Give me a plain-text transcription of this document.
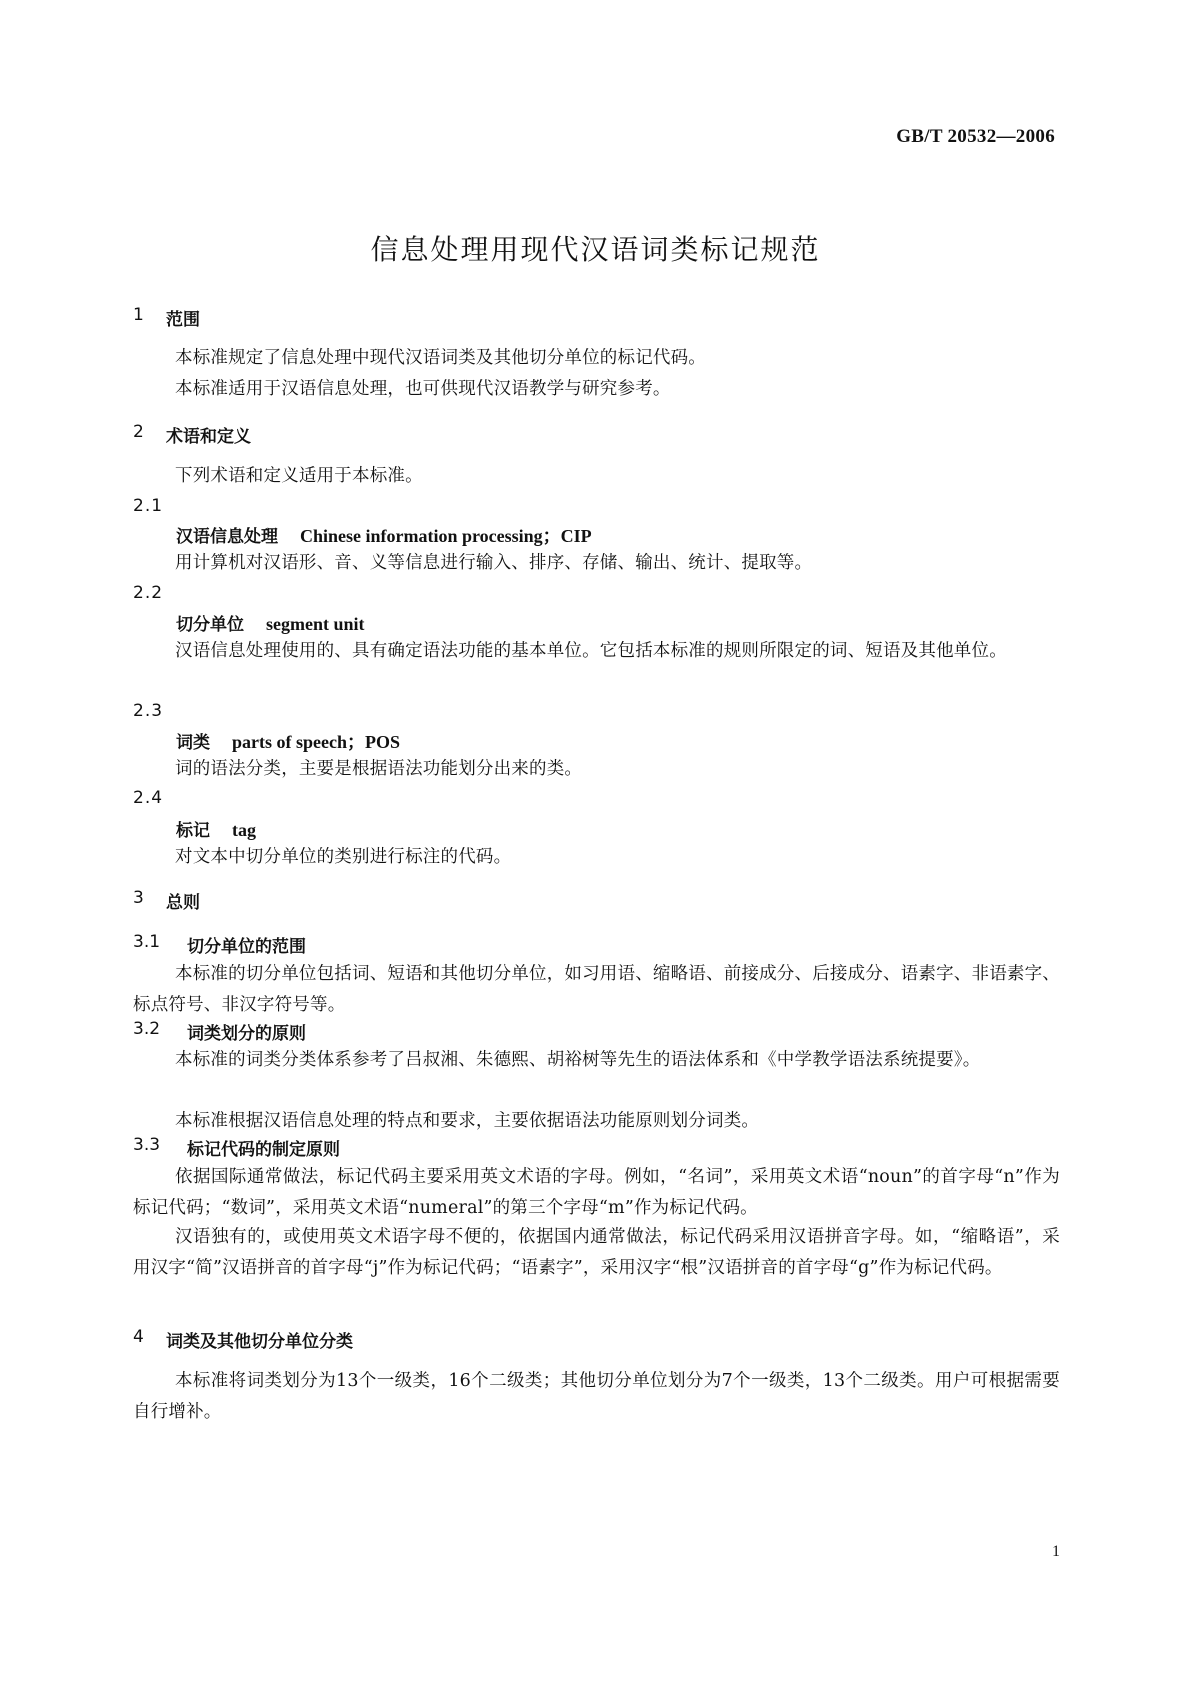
GB/T 20532—2006
信息处理用现代汉语词类标记规范
1 范围
本标准规定了信息处理中现代汉语词类及其他切分单位的标记代码。
本标准适用于汉语信息处理，也可供现代汉语教学与研究参考。
2 术语和定义
下列术语和定义适用于本标准。
2.1
汉语信息处理 Chinese information processing；CIP
用计算机对汉语形、音、义等信息进行输入、排序、存储、输出、统计、提取等。
2.2
切分单位 segment unit
汉语信息处理使用的、具有确定语法功能的基本单位。它包括本标准的规则所限定的词、短语及其他单位。
2.3
词类 parts of speech；POS
词的语法分类，主要是根据语法功能划分出来的类。
2.4
标记 tag
对文本中切分单位的类别进行标注的代码。
3 总则
3.1 切分单位的范围
本标准的切分单位包括词、短语和其他切分单位，如习用语、缩略语、前接成分、后接成分、语素字、非语素字、标点符号、非汉字符号等。
3.2 词类划分的原则
本标准的词类分类体系参考了吕叔湘、朱德熙、胡裕树等先生的语法体系和《中学教学语法系统提要》。
本标准根据汉语信息处理的特点和要求，主要依据语法功能原则划分词类。
3.3 标记代码的制定原则
依据国际通常做法，标记代码主要采用英文术语的字母。例如，“名词”，采用英文术语“noun”的首字母“n”作为标记代码；“数词”，采用英文术语“numeral”的第三个字母“m”作为标记代码。
汉语独有的，或使用英文术语字母不便的，依据国内通常做法，标记代码采用汉语拼音字母。如，“缩略语”，采用汉字“简”汉语拼音的首字母“j”作为标记代码；“语素字”，采用汉字“根”汉语拼音的首字母“g”作为标记代码。
4 词类及其他切分单位分类
本标准将词类划分为13个一级类，16个二级类；其他切分单位划分为7个一级类，13个二级类。用户可根据需要自行增补。
1
